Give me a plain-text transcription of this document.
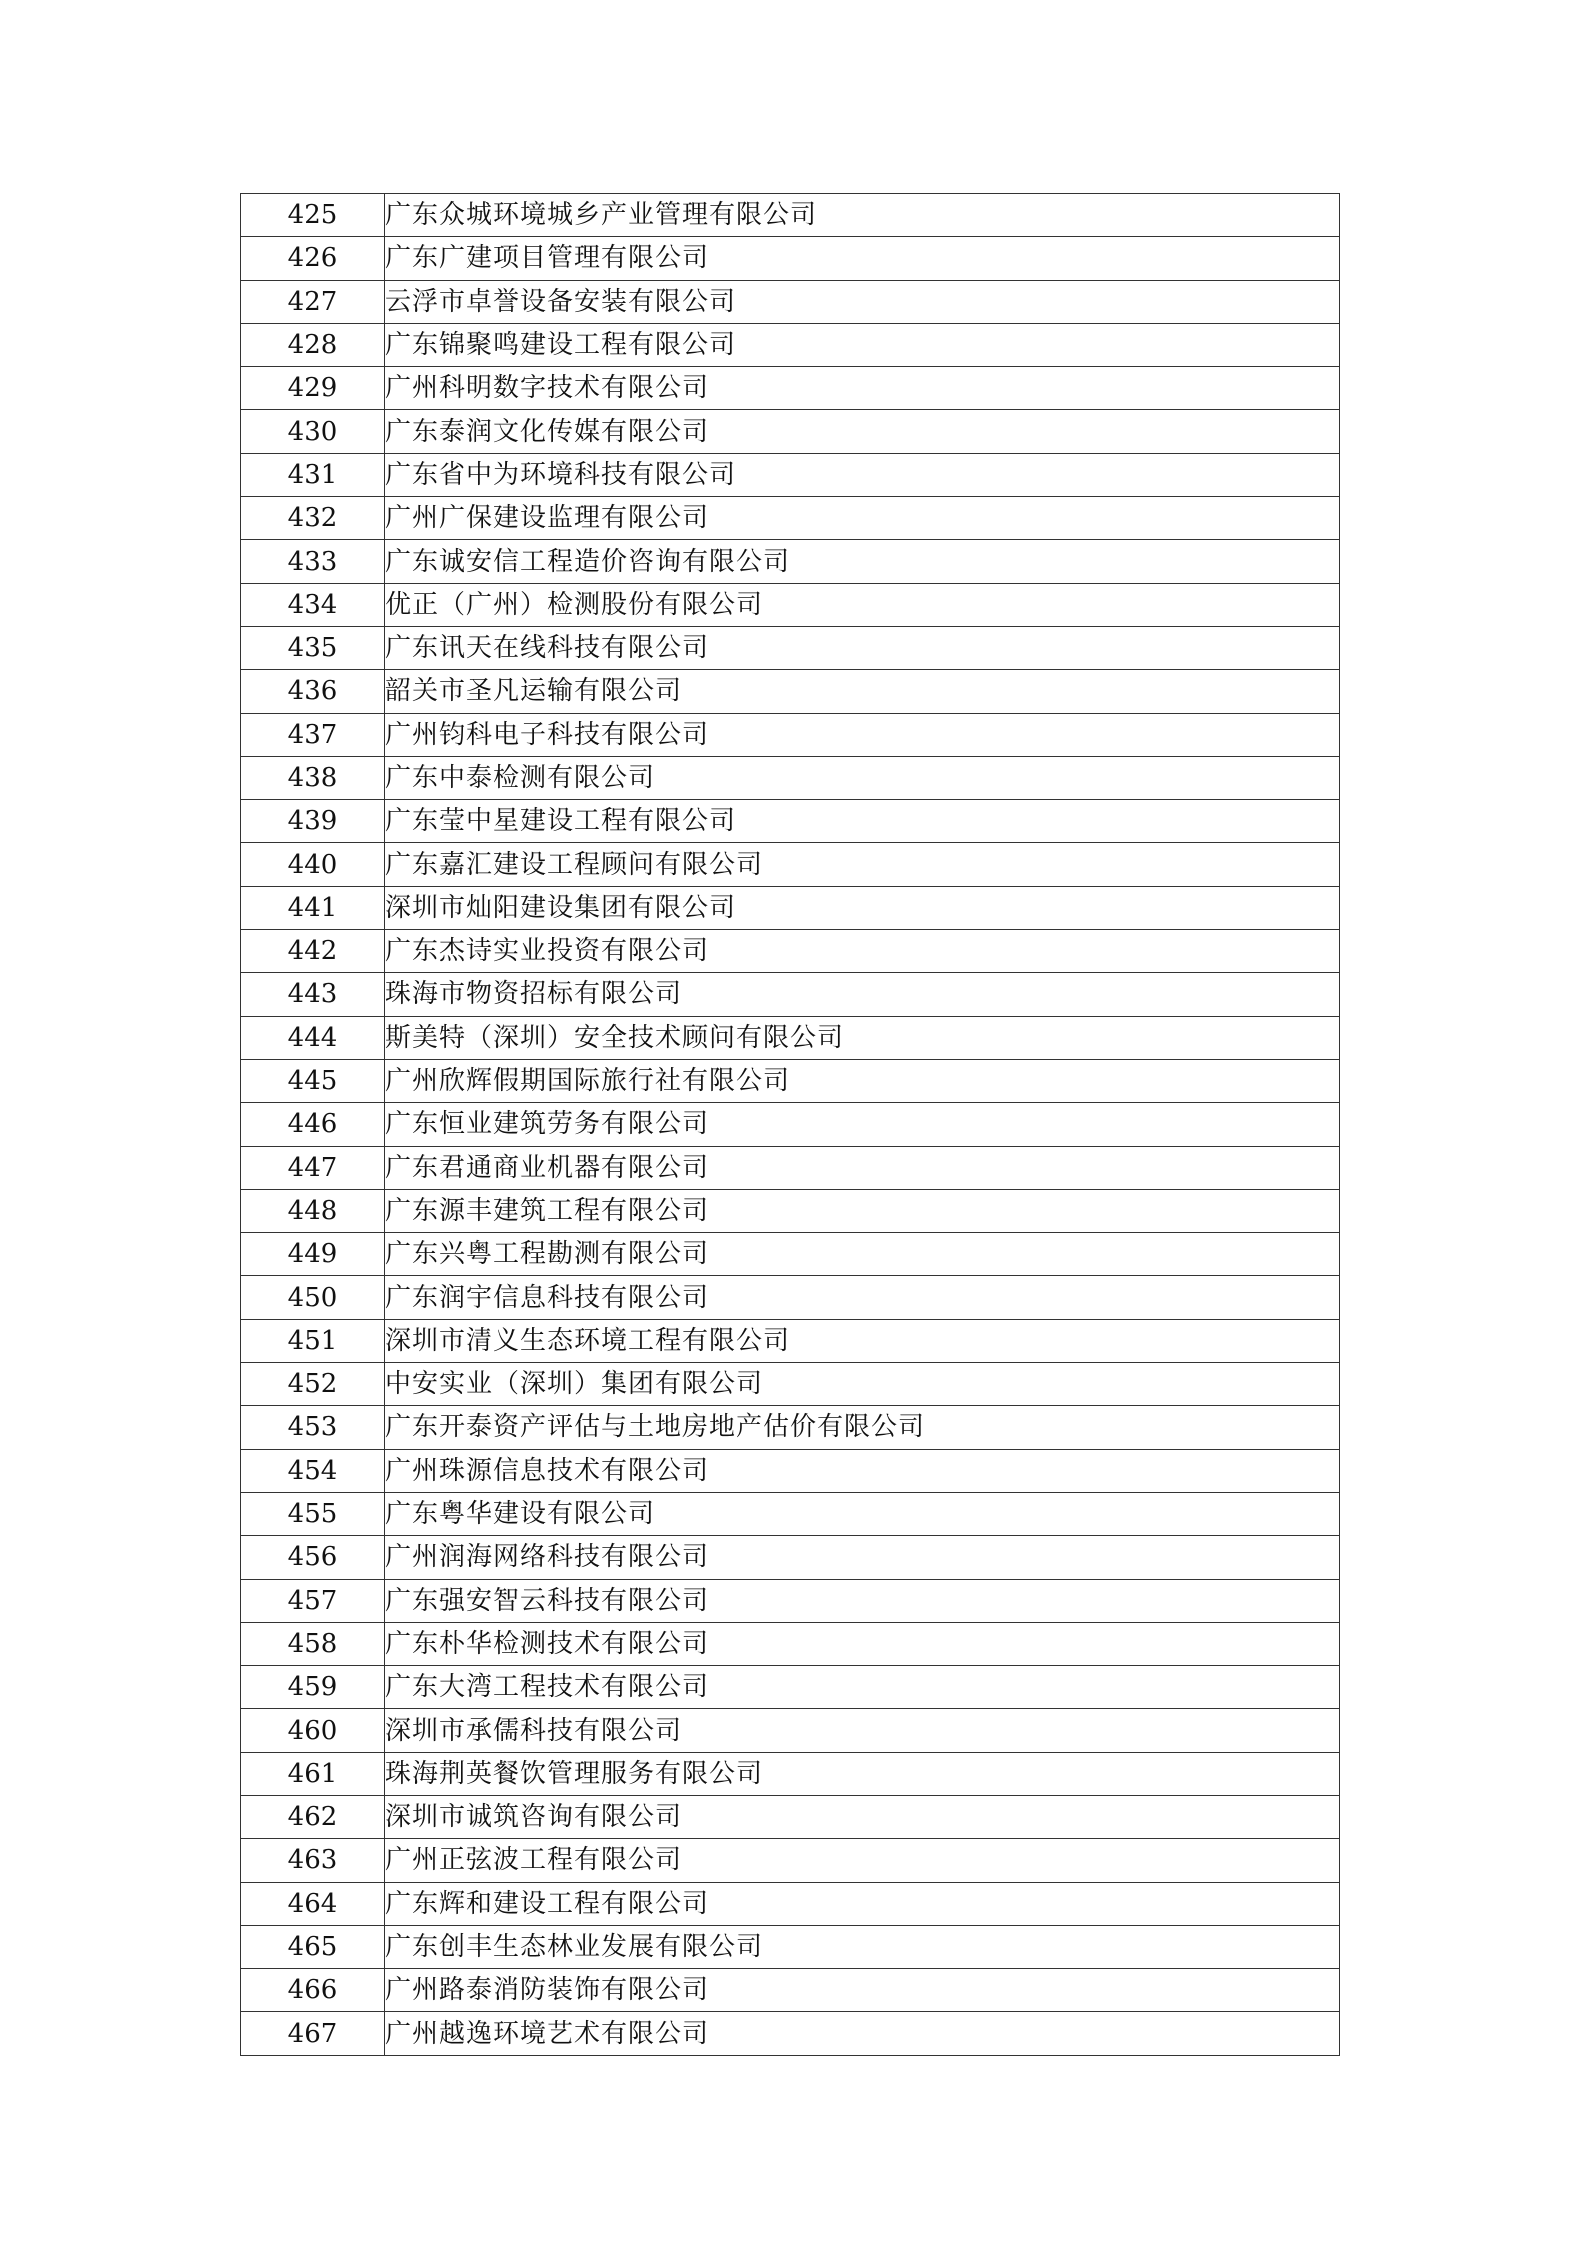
425	广东众城环境城乡产业管理有限公司
426	广东广建项目管理有限公司
427	云浮市卓誉设备安装有限公司
428	广东锦聚鸣建设工程有限公司
429	广州科明数字技术有限公司
430	广东泰润文化传媒有限公司
431	广东省中为环境科技有限公司
432	广州广保建设监理有限公司
433	广东诚安信工程造价咨询有限公司
434	优正（广州）检测股份有限公司
435	广东讯天在线科技有限公司
436	韶关市圣凡运输有限公司
437	广州钧科电子科技有限公司
438	广东中泰检测有限公司
439	广东莹中星建设工程有限公司
440	广东嘉汇建设工程顾问有限公司
441	深圳市灿阳建设集团有限公司
442	广东杰诗实业投资有限公司
443	珠海市物资招标有限公司
444	斯美特（深圳）安全技术顾问有限公司
445	广州欣辉假期国际旅行社有限公司
446	广东恒业建筑劳务有限公司
447	广东君通商业机器有限公司
448	广东源丰建筑工程有限公司
449	广东兴粤工程勘测有限公司
450	广东润宇信息科技有限公司
451	深圳市清义生态环境工程有限公司
452	中安实业（深圳）集团有限公司
453	广东开泰资产评估与土地房地产估价有限公司
454	广州珠源信息技术有限公司
455	广东粤华建设有限公司
456	广州润海网络科技有限公司
457	广东强安智云科技有限公司
458	广东朴华检测技术有限公司
459	广东大湾工程技术有限公司
460	深圳市承儒科技有限公司
461	珠海荆英餐饮管理服务有限公司
462	深圳市诚筑咨询有限公司
463	广州正弦波工程有限公司
464	广东辉和建设工程有限公司
465	广东创丰生态林业发展有限公司
466	广州路泰消防装饰有限公司
467	广州越逸环境艺术有限公司
